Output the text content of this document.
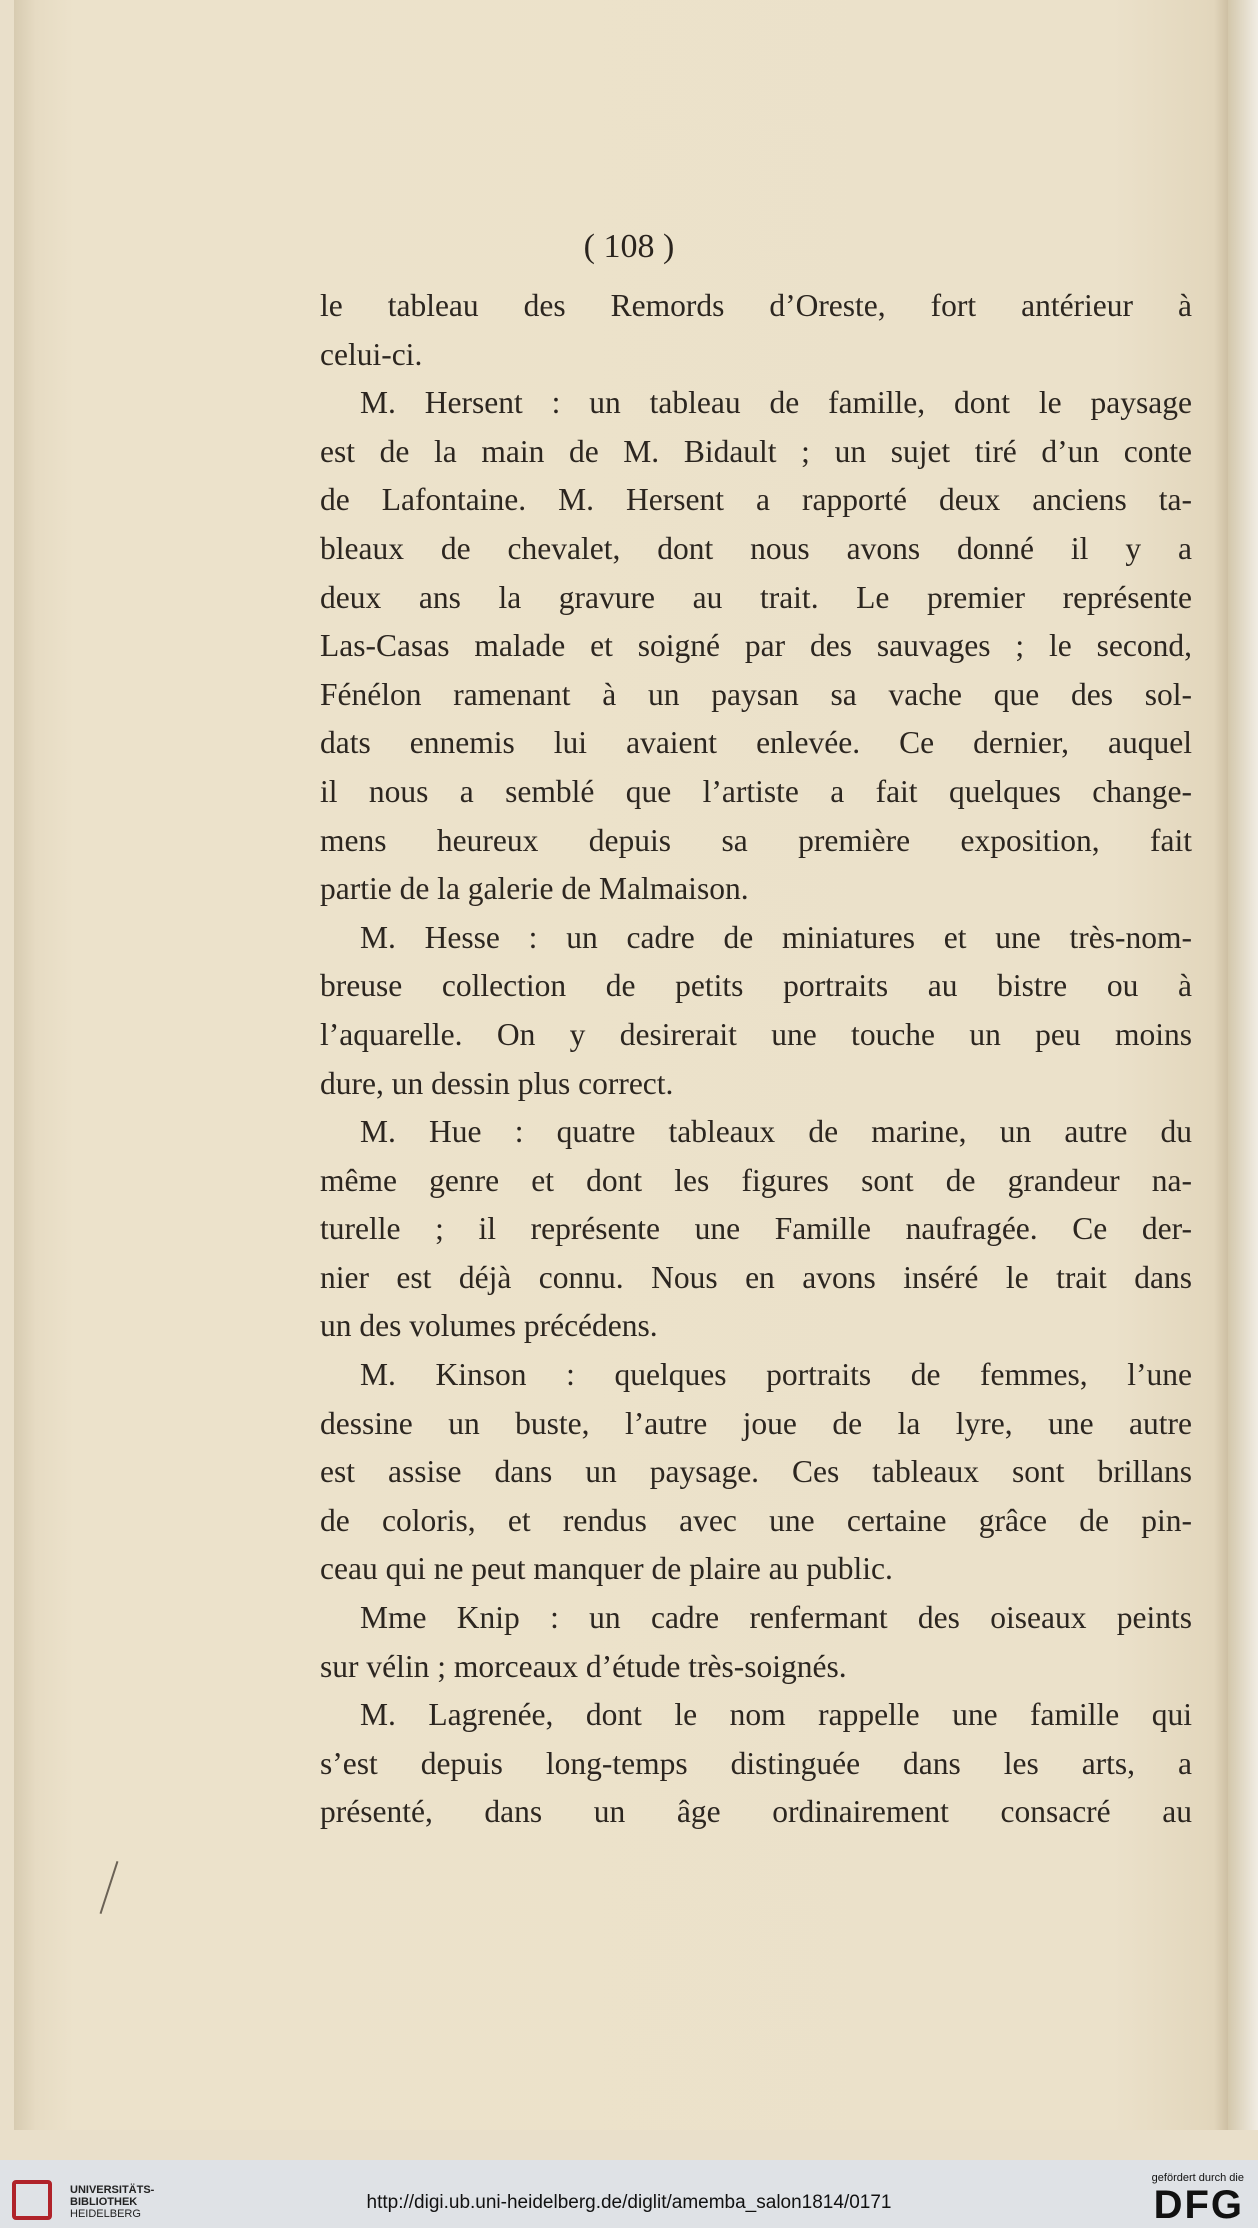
( 108 )
le tableau des Remords d’Oreste, fort antérieur à
celui-ci.
M. Hersent : un tableau de famille, dont le paysage
est de la main de M. Bidault ; un sujet tiré d’un conte
de Lafontaine. M. Hersent a rapporté deux anciens ta-
bleaux de chevalet, dont nous avons donné il y a
deux ans la gravure au trait. Le premier représente
Las-Casas malade et soigné par des sauvages ; le second,
Fénélon ramenant à un paysan sa vache que des sol-
dats ennemis lui avaient enlevée. Ce dernier, auquel
il nous a semblé que l’artiste a fait quelques change-
mens heureux depuis sa première exposition, fait
partie de la galerie de Malmaison.
M. Hesse : un cadre de miniatures et une très-nom-
breuse collection de petits portraits au bistre ou à
l’aquarelle. On y desirerait une touche un peu moins
dure, un dessin plus correct.
M. Hue : quatre tableaux de marine, un autre du
même genre et dont les figures sont de grandeur na-
turelle ; il représente une Famille naufragée. Ce der-
nier est déjà connu. Nous en avons inséré le trait dans
un des volumes précédens.
M. Kinson : quelques portraits de femmes, l’une
dessine un buste, l’autre joue de la lyre, une autre
est assise dans un paysage. Ces tableaux sont brillans
de coloris, et rendus avec une certaine grâce de pin-
ceau qui ne peut manquer de plaire au public.
Mme Knip : un cadre renfermant des oiseaux peints
sur vélin ; morceaux d’étude très-soignés.
M. Lagrenée, dont le nom rappelle une famille qui
s’est depuis long-temps distinguée dans les arts, a
présenté, dans un âge ordinairement consacré au
UNIVERSITÄTS-
BIBLIOTHEK
HEIDELBERG
http://digi.ub.uni-heidelberg.de/diglit/amemba_salon1814/0171
gefördert durch die
DFG
